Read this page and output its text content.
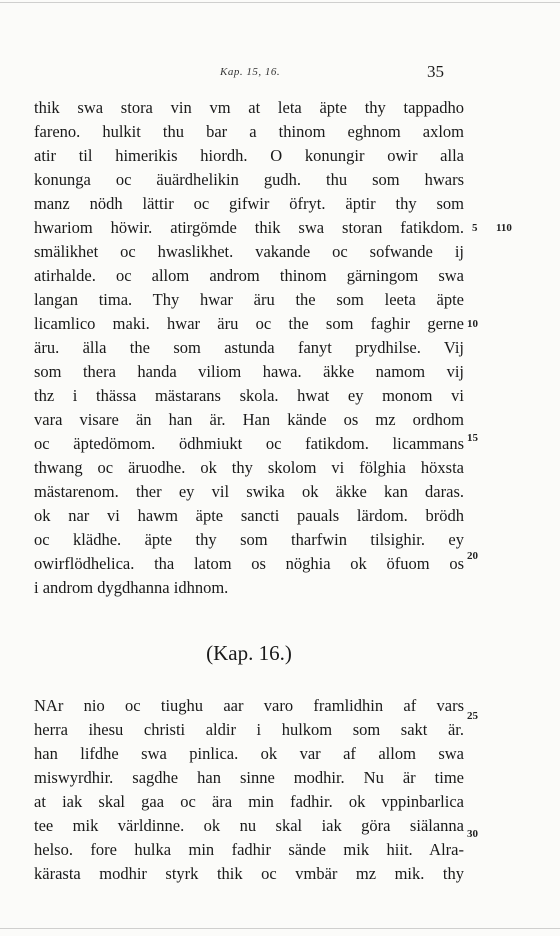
Kap. 15, 16.	35
thik swa stora vin vm at leta äpte thy tappadho
fareno. hulkit thu bar a thinom eghnom axlom
atir til himerikis hiordh. O konungir owir alla
konunga oc äuärdhelikin gudh. thu som hwars
manz nödh lättir oc gifwir öfryt. äptir thy som
hwariom höwir. atirgömde thik swa storan fatikdom.
smälikhet oc hwaslikhet. vakande oc sofwande ij
atirhalde. oc allom androm thinom gärningom swa
langan tima. Thy hwar äru the som leeta äpte
licamlico maki. hwar äru oc the som faghir gerne
äru. älla the som astunda fanyt prydhilse. Vij
som thera handa viliom hawa. äkke namom vij
thz i thässa mästarans skola. hwat ey monom vi
vara visare än han är. Han kände os mz ordhom
oc äptedömom. ödhmiukt oc fatikdom. licammans
thwang oc äruodhe. ok thy skolom vi fölghia höxsta
mästarenom. ther ey vil swika ok äkke kan daras.
ok nar vi hawm äpte sancti pauals lärdom. brödh
oc klädhe. äpte thy som tharfwin tilsighir. ey
owirflödhelica. tha latom os nöghia ok öfuom os
i androm dygdhanna idhnom.
(Kap. 16.)
NAr nio oc tiughu aar varo framlidhin af vars
herra ihesu christi aldir i hulkom som sakt är.
han lifdhe swa pinlica. ok var af allom swa
miswyrdhir. sagdhe han sinne modhir. Nu är time
at iak skal gaa oc ära min fadhir. ok vppinbarlica
tee mik världinne. ok nu skal iak göra siälanna
helso. fore hulka min fadhir sände mik hiit. Alra-
kärasta modhir styrk thik oc vmbär mz mik. thy
5 110
10
15
20
25
30
